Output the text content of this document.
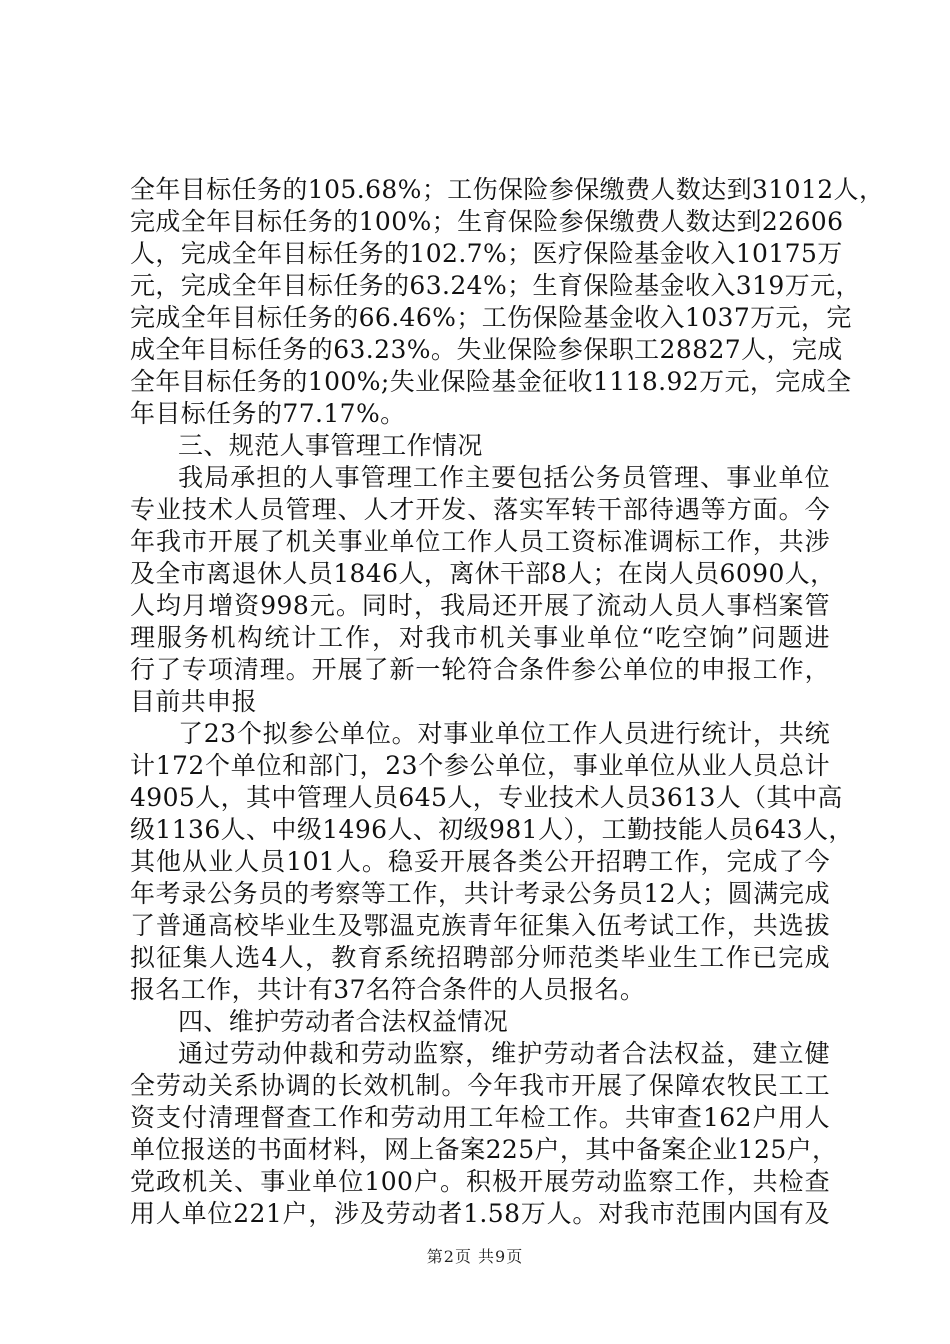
全年目标任务的105.68%；工伤保险参保缴费人数达到31012人，
完成全年目标任务的100%；生育保险参保缴费人数达到22606
人，完成全年目标任务的102.7%；医疗保险基金收入10175万
元，完成全年目标任务的63.24%；生育保险基金收入319万元，
完成全年目标任务的66.46%；工伤保险基金收入1037万元，完
成全年目标任务的63.23%。失业保险参保职工28827人，完成
全年目标任务的100%;失业保险基金征收1118.92万元，完成全
年目标任务的77.17%。
三、规范人事管理工作情况
我局承担的人事管理工作主要包括公务员管理、事业单位
专业技术人员管理、人才开发、落实军转干部待遇等方面。今
年我市开展了机关事业单位工作人员工资标准调标工作，共涉
及全市离退休人员1846人，离休干部8人；在岗人员6090人，
人均月增资998元。同时，我局还开展了流动人员人事档案管
理服务机构统计工作，对我市机关事业单位“吃空饷”问题进
行了专项清理。开展了新一轮符合条件参公单位的申报工作，
目前共申报
了23个拟参公单位。对事业单位工作人员进行统计，共统
计172个单位和部门，23个参公单位，事业单位从业人员总计
4905人，其中管理人员645人，专业技术人员3613人（其中高
级1136人、中级1496人、初级981人），工勤技能人员643人，
其他从业人员101人。稳妥开展各类公开招聘工作，完成了今
年考录公务员的考察等工作，共计考录公务员12人；圆满完成
了普通高校毕业生及鄂温克族青年征集入伍考试工作，共选拔
拟征集人选4人，教育系统招聘部分师范类毕业生工作已完成
报名工作，共计有37名符合条件的人员报名。
四、维护劳动者合法权益情况
通过劳动仲裁和劳动监察，维护劳动者合法权益，建立健
全劳动关系协调的长效机制。今年我市开展了保障农牧民工工
资支付清理督查工作和劳动用工年检工作。共审查162户用人
单位报送的书面材料，网上备案225户，其中备案企业125户，
党政机关、事业单位100户。积极开展劳动监察工作，共检查
用人单位221户，涉及劳动者1.58万人。对我市范围内国有及
第2页 共9页
